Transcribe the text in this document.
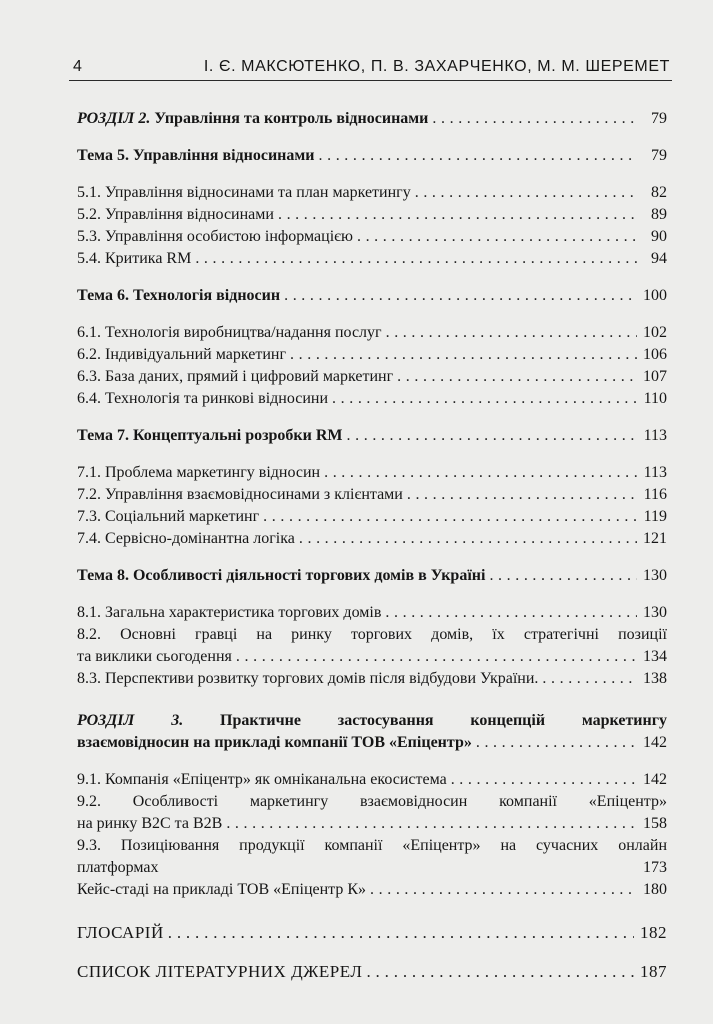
4	І. Є. МАКСЮТЕНКО, П. В. ЗАХАРЧЕНКО, М. М. ШЕРЕМЕТ
РОЗДІЛ 2. Управління та контроль відносинами . . .	79
Тема 5. Управління відносинами . . .	79
5.1. Управління відносинами та план маркетингу . . .	82
5.2. Управління відносинами . . .	89
5.3. Управління особистою інформацією . . .	90
5.4. Критика RM . . .	94
Тема 6. Технологія відносин . . .	100
6.1. Технологія виробництва/надання послуг . . .	102
6.2. Індивідуальний маркетинг . . .	106
6.3. База даних, прямий і цифровий маркетинг . . .	107
6.4. Технологія та ринкові відносини . . .	110
Тема 7. Концептуальні розробки RM . . .	113
7.1. Проблема маркетингу відносин . . .	113
7.2. Управління взаємовідносинами з клієнтами . . .	116
7.3. Соціальний маркетинг . . .	119
7.4. Сервісно-домінантна логіка . . .	121
Тема 8. Особливості діяльності торгових домів в Україні . . .	130
8.1. Загальна характеристика торгових домів . . .	130
8.2. Основні гравці на ринку торгових домів, їх стратегічні позиції
та виклики сьогодення . . .	134
8.3. Перспективи розвитку торгових домів після відбудови України. . . .	138
РОЗДІЛ 3. Практичне застосування концепцій маркетингу
взаємовідносин на прикладі компанії ТОВ «Епіцентр» . . .	142
9.1. Компанія «Епіцентр» як омніканальна екосистема . . .	142
9.2. Особливості маркетингу взаємовідносин компанії «Епіцентр»
на ринку B2C та B2B . . .	158
9.3. Позиціювання продукції компанії «Епіцентр» на сучасних онлайн
платформах	173
Кейс-стаді на прикладі ТОВ «Епіцентр К» . . .	180
ГЛОСАРІЙ . . .	182
СПИСОК ЛІТЕРАТУРНИХ ДЖЕРЕЛ . . .	187
